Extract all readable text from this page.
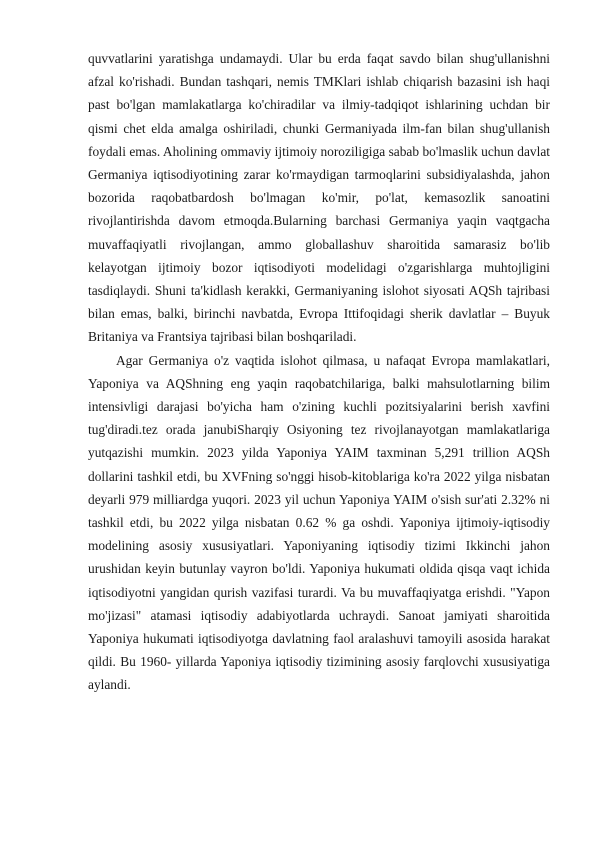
quvvatlarini yaratishga undamaydi. Ular bu erda faqat savdo bilan shug'ullanishni afzal ko'rishadi. Bundan tashqari, nemis TMKlari ishlab chiqarish bazasini ish haqi past bo'lgan mamlakatlarga ko'chiradilar va ilmiy-tadqiqot ishlarining uchdan bir qismi chet elda amalga oshiriladi, chunki Germaniyada ilm-fan bilan shug'ullanish foydali emas. Aholining ommaviy ijtimoiy noroziligiga sabab bo'lmaslik uchun davlat Germaniya iqtisodiyotining zarar ko'rmaydigan tarmoqlarini subsidiyalashda, jahon bozorida raqobatbardosh bo'lmagan ko'mir, po'lat, kemasozlik sanoatini rivojlantirishda davom etmoqda.Bularning barchasi Germaniya yaqin vaqtgacha muvaffaqiyatli rivojlangan, ammo globallashuv sharoitida samarasiz bo'lib kelayotgan ijtimoiy bozor iqtisodiyoti modelidagi o'zgarishlarga muhtojligini tasdiqlaydi. Shuni ta'kidlash kerakki, Germaniyaning islohot siyosati AQSh tajribasi bilan emas, balki, birinchi navbatda, Evropa Ittifoqidagi sherik davlatlar – Buyuk Britaniya va Frantsiya tajribasi bilan boshqariladi.

Agar Germaniya o'z vaqtida islohot qilmasa, u nafaqat Evropa mamlakatlari, Yaponiya va AQShning eng yaqin raqobatchilariga, balki mahsulotlarning bilim intensivligi darajasi bo'yicha ham o'zining kuchli pozitsiyalarini berish xavfini tug'diradi.tez orada janubiSharqiy Osiyoning tez rivojlanayotgan mamlakatlariga yutqazishi mumkin. 2023 yilda Yaponiya YAIM taxminan 5,291 trillion AQSh dollarini tashkil etdi, bu XVFning so'nggi hisob-kitoblariga ko'ra 2022 yilga nisbatan deyarli 979 milliardga yuqori. 2023 yil uchun Yaponiya YAIM o'sish sur'ati 2.32% ni tashkil etdi, bu 2022 yilga nisbatan 0.62 % ga oshdi. Yaponiya ijtimoiy-iqtisodiy modelining asosiy xususiyatlari. Yaponiyaning iqtisodiy tizimi Ikkinchi jahon urushidan keyin butunlay vayron bo'ldi. Yaponiya hukumati oldida qisqa vaqt ichida iqtisodiyotni yangidan qurish vazifasi turardi. Va bu muvaffaqiyatga erishdi. "Yapon mo'jizasi" atamasi iqtisodiy adabiyotlarda uchraydi. Sanoat jamiyati sharoitida Yaponiya hukumati iqtisodiyotga davlatning faol aralashuvi tamoyili asosida harakat qildi. Bu 1960- yillarda Yaponiya iqtisodiy tizimining asosiy farqlovchi xususiyatiga aylandi.
